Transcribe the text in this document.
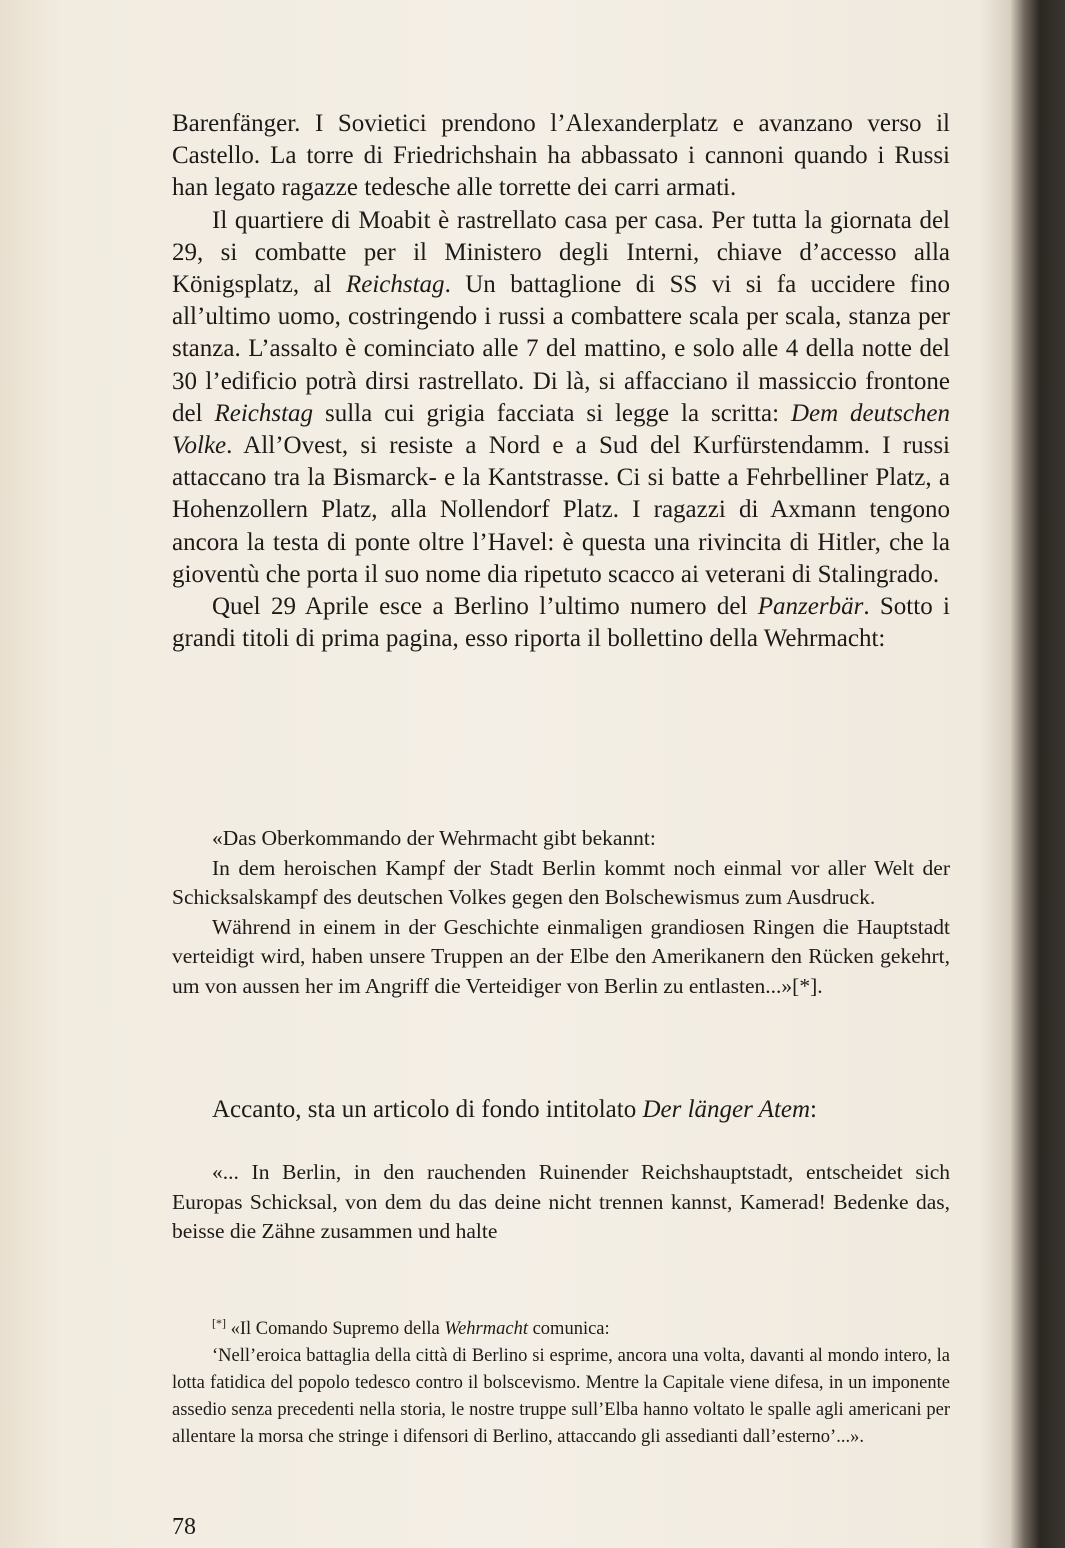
Barenfänger. I Sovietici prendono l’Alexanderplatz e avanzano verso il Castello. La torre di Friedrichshain ha abbassato i cannoni quando i Russi han legato ragazze tedesche alle torrette dei carri armati.

Il quartiere di Moabit è rastrellato casa per casa. Per tutta la giornata del 29, si combatte per il Ministero degli Interni, chiave d’accesso alla Königsplatz, al Reichstag. Un battaglione di SS vi si fa uccidere fino all’ultimo uomo, costringendo i russi a combattere scala per scala, stanza per stanza. L’assalto è cominciato alle 7 del mattino, e solo alle 4 della notte del 30 l’edificio potrà dirsi rastrellato. Di là, si affacciano il massiccio frontone del Reichstag sulla cui grigia facciata si legge la scritta: Dem deutschen Volke. All’Ovest, si resiste a Nord e a Sud del Kurfürstendamm. I russi attaccano tra la Bismarck- e la Kantstrasse. Ci si batte a Fehrbelliner Platz, a Hohenzollern Platz, alla Nollendorf Platz. I ragazzi di Axmann tengono ancora la testa di ponte oltre l’Havel: è questa una rivincita di Hitler, che la gioventù che porta il suo nome dia ripetuto scacco ai veterani di Stalingrado.

Quel 29 Aprile esce a Berlino l’ultimo numero del Panzerbär. Sotto i grandi titoli di prima pagina, esso riporta il bollettino della Wehrmacht:

«Das Oberkommando der Wehrmacht gibt bekannt:

In dem heroischen Kampf der Stadt Berlin kommt noch einmal vor aller Welt der Schicksalskampf des deutschen Volkes gegen den Bolschewismus zum Ausdruck.

Während in einem in der Geschichte einmaligen grandiosen Ringen die Hauptstadt verteidigt wird, haben unsere Truppen an der Elbe den Amerikanern den Rücken gekehrt, um von aussen her im Angriff die Verteidiger von Berlin zu entlasten...»[*].

Accanto, sta un articolo di fondo intitolato Der länger Atem:

«... In Berlin, in den rauchenden Ruinender Reichshauptstadt, entscheidet sich Europas Schicksal, von dem du das deine nicht trennen kannst, Kamerad! Bedenke das, beisse die Zähne zusammen und halte

[*] «Il Comando Supremo della Wehrmacht comunica:

‘Nell’eroica battaglia della città di Berlino si esprime, ancora una volta, davanti al mondo intero, la lotta fatidica del popolo tedesco contro il bolscevismo. Mentre la Capitale viene difesa, in un imponente assedio senza precedenti nella storia, le nostre truppe sull’Elba hanno voltato le spalle agli americani per allentare la morsa che stringe i difensori di Berlino, attaccando gli assedianti dall’esterno’...».

78
